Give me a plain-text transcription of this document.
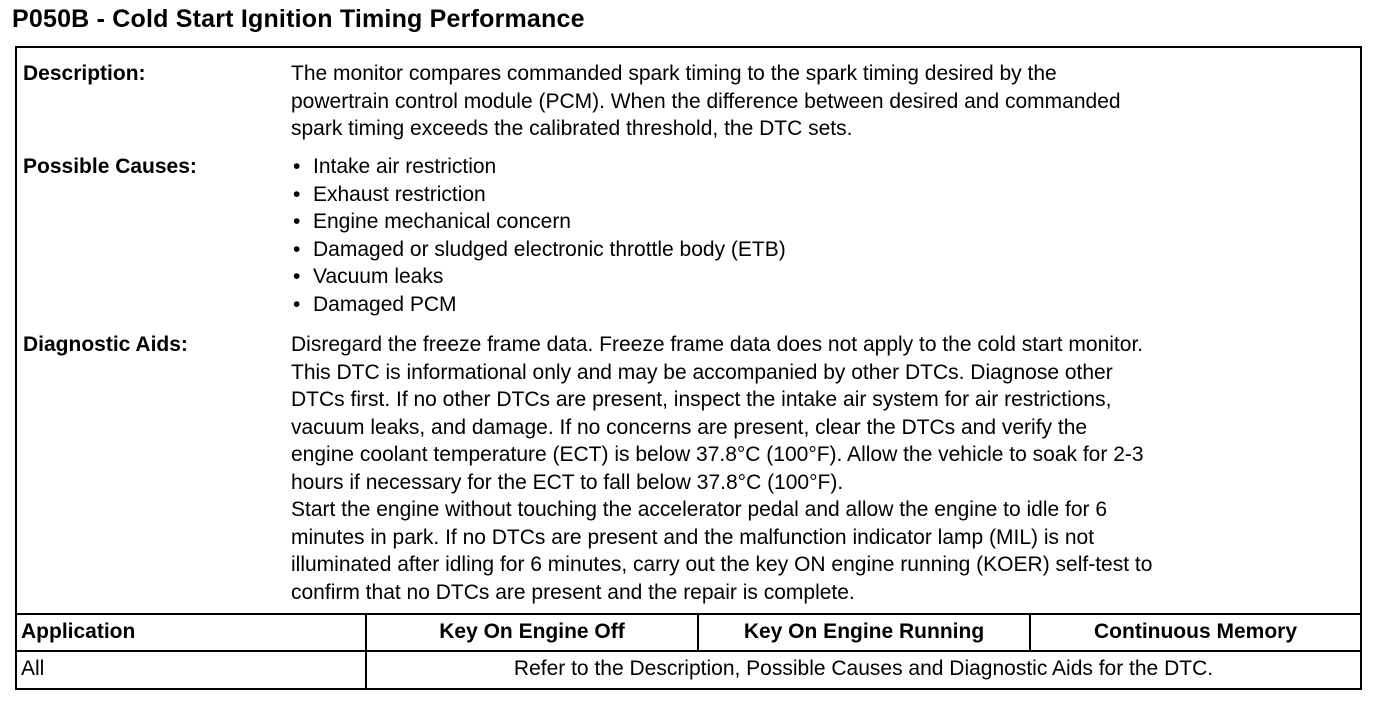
P050B - Cold Start Ignition Timing Performance
Description:	The monitor compares commanded spark timing to the spark timing desired by the
powertrain control module (PCM). When the difference between desired and commanded
spark timing exceeds the calibrated threshold, the DTC sets.
Possible Causes:
•	Intake air restriction
• Exhaust restriction
• Engine mechanical concern
• Damaged or sludged electronic throttle body (ETB)
• Vacuum leaks
• Damaged PCM
Diagnostic Aids:	Disregard the freeze frame data. Freeze frame data does not apply to the cold start monitor.
This DTC is informational only and may be accompanied by other DTCs. Diagnose other
DTCs first. If no other DTCs are present, inspect the intake air system for air restrictions,
vacuum leaks, and damage. If no concerns are present, clear the DTCs and verify the
engine coolant temperature (ECT) is below 37.8°C (100°F). Allow the vehicle to soak for 2-3
hours if necessary for the ECT to fall below 37.8°C (100°F).
Start the engine without touching the accelerator pedal and allow the engine to idle for 6
minutes in park. If no DTCs are present and the malfunction indicator lamp (MIL) is not
illuminated after idling for 6 minutes, carry out the key ON engine running (KOER) self-test to
confirm that no DTCs are present and the repair is complete.
Application	Key On Engine Off	Key On Engine Running	Continuous Memory
All	Refer to the Description, Possible Causes and Diagnostic Aids for the DTC.
